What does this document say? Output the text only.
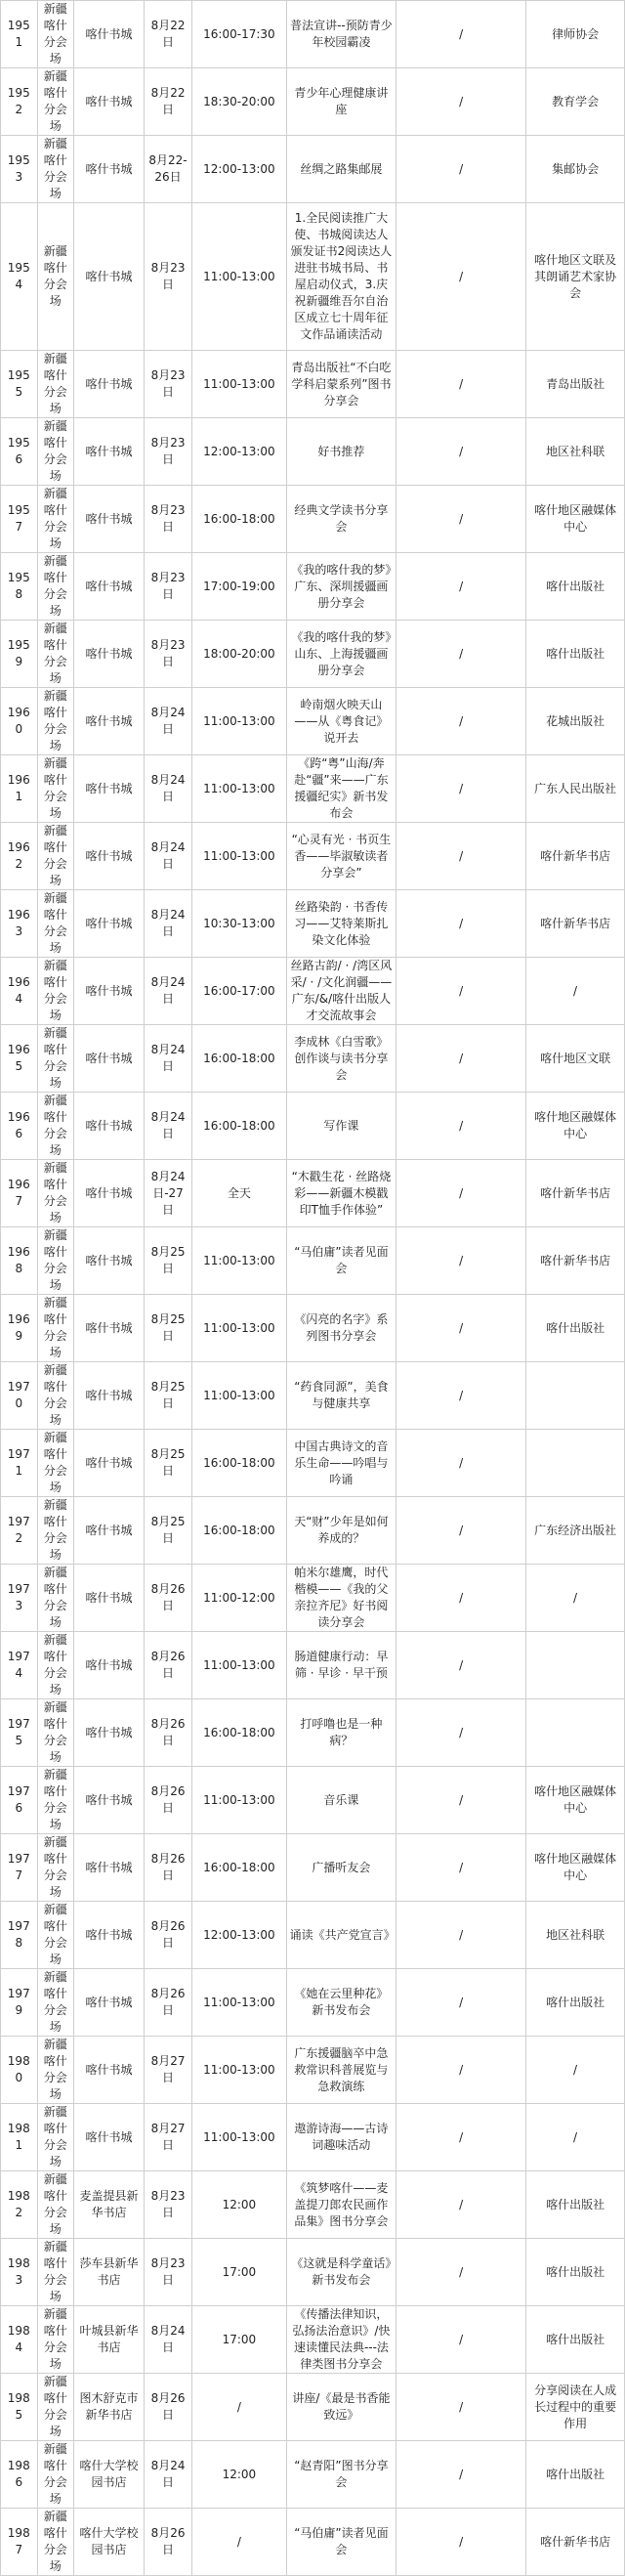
1951	新疆喀什分会场	喀什书城	8月22日	16:00-17:30	普法宣讲--预防青少年校园霸凌	/	律师协会
1952	新疆喀什分会场	喀什书城	8月22日	18:30-20:00	青少年心理健康讲座	/	教育学会
1953	新疆喀什分会场	喀什书城	8月22-26日	12:00-13:00	丝绸之路集邮展	/	集邮协会
1954	新疆喀什分会场	喀什书城	8月23日	11:00-13:00	1.全民阅读推广大使、书城阅读达人颁发证书2阅读达人进驻书城书局、书屋启动仪式，3.庆祝新疆维吾尔自治区成立七十周年征文作品诵读活动	/	喀什地区文联及其朗诵艺术家协会
1955	新疆喀什分会场	喀什书城	8月23日	11:00-13:00	青岛出版社“不白吃学科启蒙系列”图书分享会	/	青岛出版社
1956	新疆喀什分会场	喀什书城	8月23日	12:00-13:00	好书推荐	/	地区社科联
1957	新疆喀什分会场	喀什书城	8月23日	16:00-18:00	经典文学读书分享会	/	喀什地区融媒体中心
1958	新疆喀什分会场	喀什书城	8月23日	17:00-19:00	《我的喀什我的梦》广东、深圳援疆画册分享会	/	喀什出版社
1959	新疆喀什分会场	喀什书城	8月23日	18:00-20:00	《我的喀什我的梦》山东、上海援疆画册分享会	/	喀什出版社
1960	新疆喀什分会场	喀什书城	8月24日	11:00-13:00	岭南烟火映天山——从《粤食记》说开去	/	花城出版社
1961	新疆喀什分会场	喀什书城	8月24日	11:00-13:00	《跨“粤”山海/奔赴“疆”来——广东援疆纪实》新书发布会	/	广东人民出版社
1962	新疆喀什分会场	喀什书城	8月24日	11:00-13:00	“心灵有光 · 书页生香——毕淑敏读者分享会”	/	喀什新华书店
1963	新疆喀什分会场	喀什书城	8月24日	10:30-13:00	丝路染韵 · 书香传习——艾特莱斯扎染文化体验	/	喀什新华书店
1964	新疆喀什分会场	喀什书城	8月24日	16:00-17:00	丝路古韵/ · /湾区风采/ · /文化润疆——广东/&/喀什出版人才交流故事会	/	/
1965	新疆喀什分会场	喀什书城	8月24日	16:00-18:00	李成林《白雪歌》创作谈与读书分享会	/	喀什地区文联
1966	新疆喀什分会场	喀什书城	8月24日	16:00-18:00	写作课	/	喀什地区融媒体中心
1967	新疆喀什分会场	喀什书城	8月24日-27日	全天	“木戳生花 · 丝路烧彩——新疆木模戳印T恤手作体验”	/	喀什新华书店
1968	新疆喀什分会场	喀什书城	8月25日	11:00-13:00	“马伯庸”读者见面会	/	喀什新华书店
1969	新疆喀什分会场	喀什书城	8月25日	11:00-13:00	《闪亮的名字》系列图书分享会	/	喀什出版社
1970	新疆喀什分会场	喀什书城	8月25日	11:00-13:00	“药食同源”，美食与健康共享	/	
1971	新疆喀什分会场	喀什书城	8月25日	16:00-18:00	中国古典诗文的音乐生命——吟唱与吟诵	/	
1972	新疆喀什分会场	喀什书城	8月25日	16:00-18:00	天“财”少年是如何养成的？	/	广东经济出版社
1973	新疆喀什分会场	喀什书城	8月26日	11:00-12:00	帕米尔雄鹰，时代楷模——《我的父亲拉齐尼》好书阅读分享会	/	/
1974	新疆喀什分会场	喀什书城	8月26日	11:00-13:00	肠道健康行动：早筛 · 早诊 · 早干预	/	
1975	新疆喀什分会场	喀什书城	8月26日	16:00-18:00	打呼噜也是一种病？	/	
1976	新疆喀什分会场	喀什书城	8月26日	11:00-13:00	音乐课	/	喀什地区融媒体中心
1977	新疆喀什分会场	喀什书城	8月26日	16:00-18:00	广播听友会	/	喀什地区融媒体中心
1978	新疆喀什分会场	喀什书城	8月26日	12:00-13:00	诵读《共产党宣言》	/	地区社科联
1979	新疆喀什分会场	喀什书城	8月26日	11:00-13:00	《她在云里种花》新书发布会	/	喀什出版社
1980	新疆喀什分会场	喀什书城	8月27日	11:00-13:00	广东援疆脑卒中急救常识科普展览与急救演练	/	/
1981	新疆喀什分会场	喀什书城	8月27日	11:00-13:00	遨游诗海——古诗词趣味活动	/	/
1982	新疆喀什分会场	麦盖提县新华书店	8月23日	12:00	《筑梦喀什——麦盖提刀郎农民画作品集》图书分享会	/	喀什出版社
1983	新疆喀什分会场	莎车县新华书店	8月23日	17:00	《这就是科学童话》新书发布会	/	喀什出版社
1984	新疆喀什分会场	叶城县新华书店	8月24日	17:00	《传播法律知识，弘扬法治意识》/快速读懂民法典---法律类图书分享会	/	喀什出版社
1985	新疆喀什分会场	图木舒克市新华书店	8月26日	/	讲座/《最是书香能致远》	/	分享阅读在人成长过程中的重要作用
1986	新疆喀什分会场	喀什大学校园书店	8月24日	12:00	“赵青阳”图书分享会	/	喀什出版社
1987	新疆喀什分会场	喀什大学校园书店	8月26日	/	“马伯庸”读者见面会	/	喀什新华书店
